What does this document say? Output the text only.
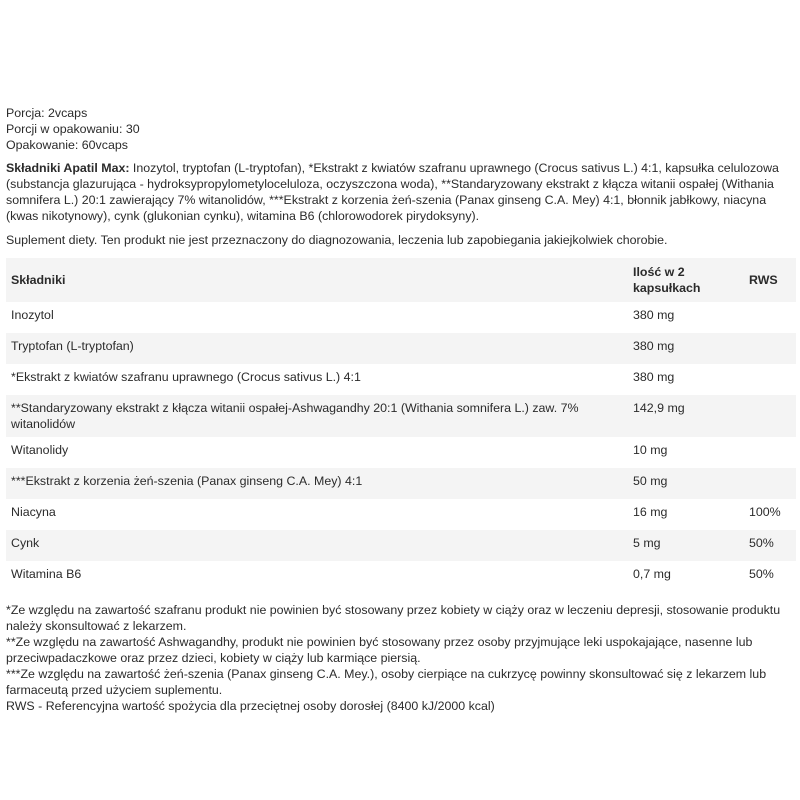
Porcja: 2vcaps
Porcji w opakowaniu: 30
Opakowanie: 60vcaps
Składniki Apatil Max: Inozytol, tryptofan (L-tryptofan), *Ekstrakt z kwiatów szafranu uprawnego (Crocus sativus L.) 4:1, kapsułka celulozowa (substancja glazurująca - hydroksypropylometyloceluloza, oczyszczona woda), **Standaryzowany ekstrakt z kłącza witanii ospałej (Withania somnifera L.) 20:1 zawierający 7% witanolidów, ***Ekstrakt z korzenia żeń-szenia (Panax ginseng C.A. Mey) 4:1, błonnik jabłkowy, niacyna (kwas nikotynowy), cynk (glukonian cynku), witamina B6 (chlorowodorek pirydoksyny).
Suplement diety. Ten produkt nie jest przeznaczony do diagnozowania, leczenia lub zapobiegania jakiejkolwiek chorobie.
Składniki	Ilość w 2 kapsułkach	RWS
Inozytol	380 mg	
Tryptofan (L-tryptofan)	380 mg	
*Ekstrakt z kwiatów szafranu uprawnego (Crocus sativus L.) 4:1	380 mg	
**Standaryzowany ekstrakt z kłącza witanii ospałej-Ashwagandhy 20:1 (Withania somnifera L.) zaw. 7% witanolidów	142,9 mg	
Witanolidy	10 mg	
***Ekstrakt z korzenia żeń-szenia (Panax ginseng C.A. Mey) 4:1	50 mg	
Niacyna	16 mg	100%
Cynk	5 mg	50%
Witamina B6	0,7 mg	50%
*Ze względu na zawartość szafranu produkt nie powinien być stosowany przez kobiety w ciąży oraz w leczeniu depresji, stosowanie produktu należy skonsultować z lekarzem.
**Ze względu na zawartość Ashwagandhy, produkt nie powinien być stosowany przez osoby przyjmujące leki uspokajające, nasenne lub przeciwpadaczkowe oraz przez dzieci, kobiety w ciąży lub karmiące piersią.
***Ze względu na zawartość żeń-szenia (Panax ginseng C.A. Mey.), osoby cierpiące na cukrzycę powinny skonsultować się z lekarzem lub farmaceutą przed użyciem suplementu.
RWS - Referencyjna wartość spożycia dla przeciętnej osoby dorosłej (8400 kJ/2000 kcal)
